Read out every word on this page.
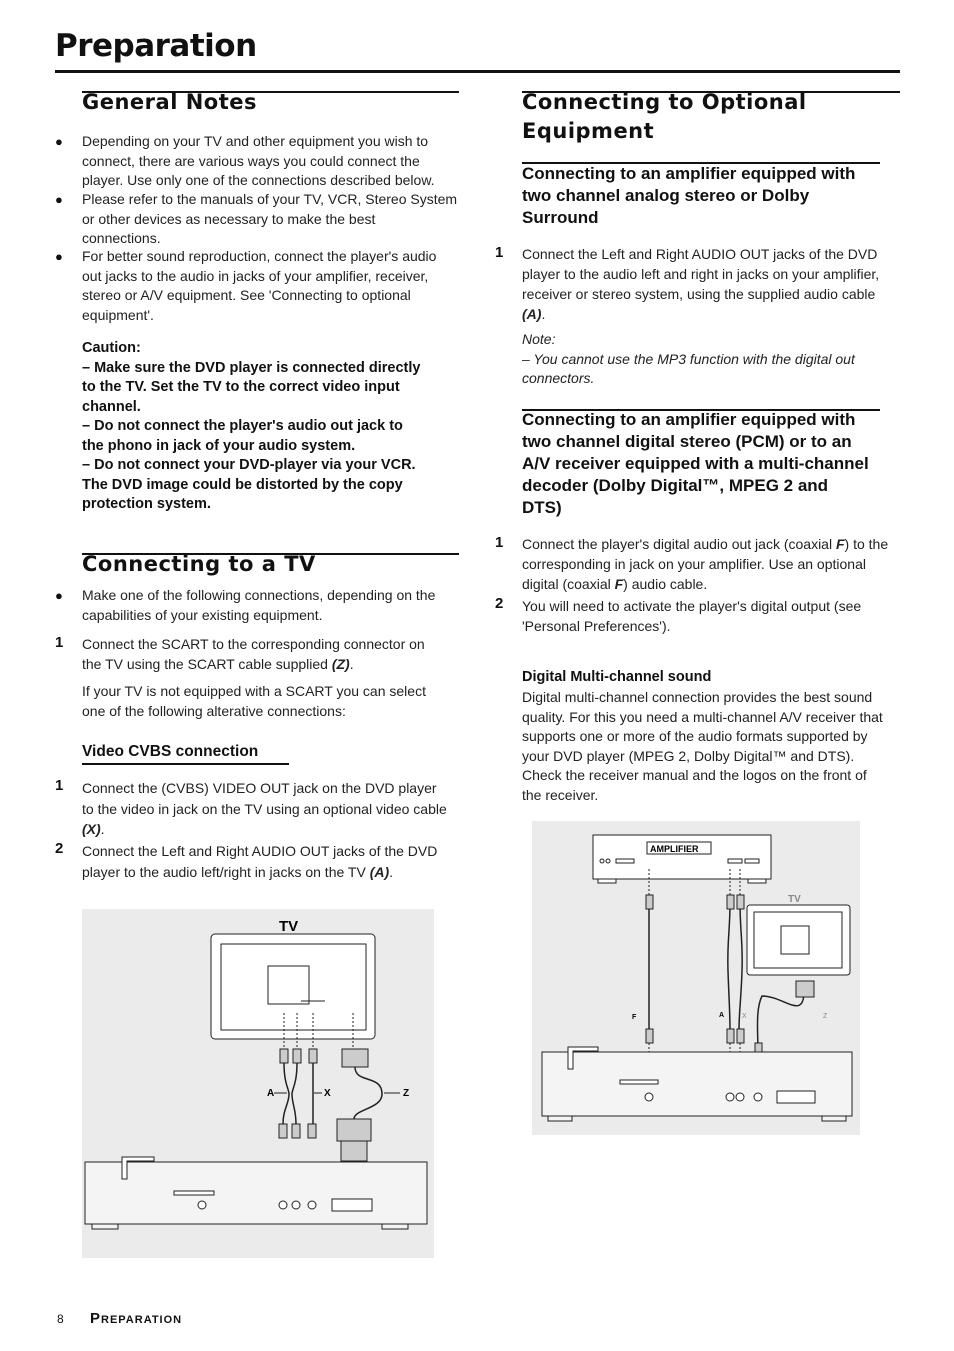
Preparation
General Notes
● Depending on your TV and other equipment you wish to
connect, there are various ways you could connect the
player. Use only one of the connections described below.
● Please refer to the manuals of your TV, VCR, Stereo System
or other devices as necessary to make the best
connections.
● For better sound reproduction, connect the player's audio
out jacks to the audio in jacks of your amplifier, receiver,
stereo or A/V equipment. See 'Connecting to optional
equipment'.
Caution:
– Make sure the DVD player is connected directly
to the TV. Set the TV to the correct video input
channel.
– Do not connect the player's audio out jack to
the phono in jack of your audio system.
– Do not connect your DVD-player via your VCR.
The DVD image could be distorted by the copy
protection system.
Connecting to a TV
● Make one of the following connections, depending on the
capabilities of your existing equipment.
1 Connect the SCART to the corresponding connector on
the TV using the SCART cable supplied (Z).
If your TV is not equipped with a SCART you can select
one of the following alterative connections:
Video CVBS connection
1 Connect the (CVBS) VIDEO OUT jack on the DVD player
to the video in jack on the TV using an optional video cable
(X).
2 Connect the Left and Right AUDIO OUT jacks of the DVD
player to the audio left/right in jacks on the TV (A).
A	X	Z
TV
Connecting to Optional
Equipment
Connecting to an amplifier equipped with
two channel analog stereo or Dolby
Surround
1 Connect the Left and Right AUDIO OUT jacks of the DVD
player to the audio left and right in jacks on your amplifier,
receiver or stereo system, using the supplied audio cable
(A).
Note:
– You cannot use the MP3 function with the digital out
connectors.
Connecting to an amplifier equipped with
two channel digital stereo (PCM) or to an
A/V receiver equipped with a multi-channel
decoder (Dolby Digital™, MPEG 2 and
DTS)
1 Connect the player's digital audio out jack (coaxial F) to the
corresponding in jack on your amplifier. Use an optional
digital (coaxial F) audio cable.
2 You will need to activate the player's digital output (see
'Personal Preferences').
Digital Multi-channel sound
Digital multi-channel connection provides the best sound
quality. For this you need a multi-channel A/V receiver that
supports one or more of the audio formats supported by
your DVD player (MPEG 2, Dolby Digital™ and DTS).
Check the receiver manual and the logos on the front of
the receiver.
AMPLIFIER
TV
F	A	X	Z
8 Preparation
